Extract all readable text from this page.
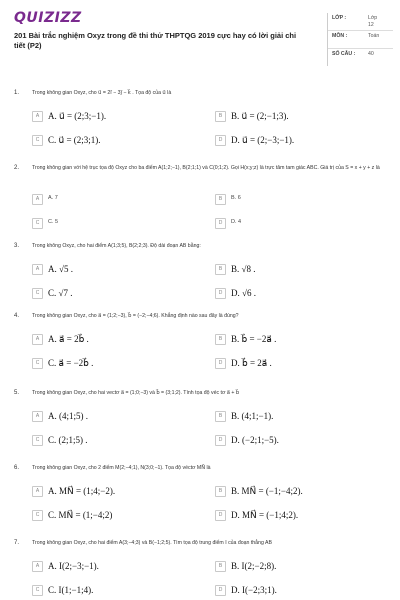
QUIZIZZ
201 Bài trắc nghiệm Oxyz trong đề thi thử THPTQG 2019 cực hay có lời giải chi tiết (P2)
LỚP :	Lớp
12
MÔN :	Toán
SỐ CÂU : 40
1. Trong không gian Oxyz, cho u⃗ = 2i⃗ − 3j⃗ − k⃗ . Tọa độ của u⃗ là
A A. u⃗ = (2;3;−1).	B B. u⃗ = (2;−1;3).
C C. u⃗ = (2;3;1).	D D. u⃗ = (2;−3;−1).
2. Trong không gian với hệ trục tọa độ Oxyz cho ba điểm A(1;2;−1), B(2;1;1) và C(0;1;2). Gọi H(x;y;z) là trực tâm tam giác ABC. Giá trị của S = x + y + z là
A	A. 7	B	B. 6
C	C. 5	D	D. 4
3. Trong không Oxyz, cho hai điểm A(1;3;5), B(2;2;3). Độ dài đoạn AB bằng:
A A. √5 .	B B. √8 .
C C. √7 .	D D. √6 .
4. Trong không gian Oxyz, cho a⃗ = (1;2;−3), b⃗ = (−2;−4;6). Khẳng định nào sau đây là đúng?
A A. a⃗ = 2b⃗ .	B B. b⃗ = −2a⃗ .
C C. a⃗ = −2b⃗ .	D D. b⃗ = 2a⃗ .
5. Trong không gian Oxyz, cho hai vectơ a⃗ = (1;0;−3) và b⃗ = (3;1;2). Tính tọa độ véc tơ a⃗ + b⃗
A A. (4;1;5) .	B B. (4;1;−1).
C C. (2;1;5) .	D D. (−2;1;−5).
6. Trong không gian Oxyz, cho 2 điểm M(2;−4;1), N(3;0;−1). Tọa độ véctơ MN⃗ là
A A. MN⃗ = (1;4;−2).	B B. MN⃗ = (−1;−4;2).
C C. MN⃗ = (1;−4;2)	D D. MN⃗ = (−1;4;2).
7. Trong không gian Oxyz, cho hai điểm A(3;−4;3) và B(−1;2;5). Tìm tọa độ trung điểm I của đoạn thẳng AB
A A. I(2;−3;−1).	B B. I(2;−2;8).
C C. I(1;−1;4).	D D. I(−2;3;1).
